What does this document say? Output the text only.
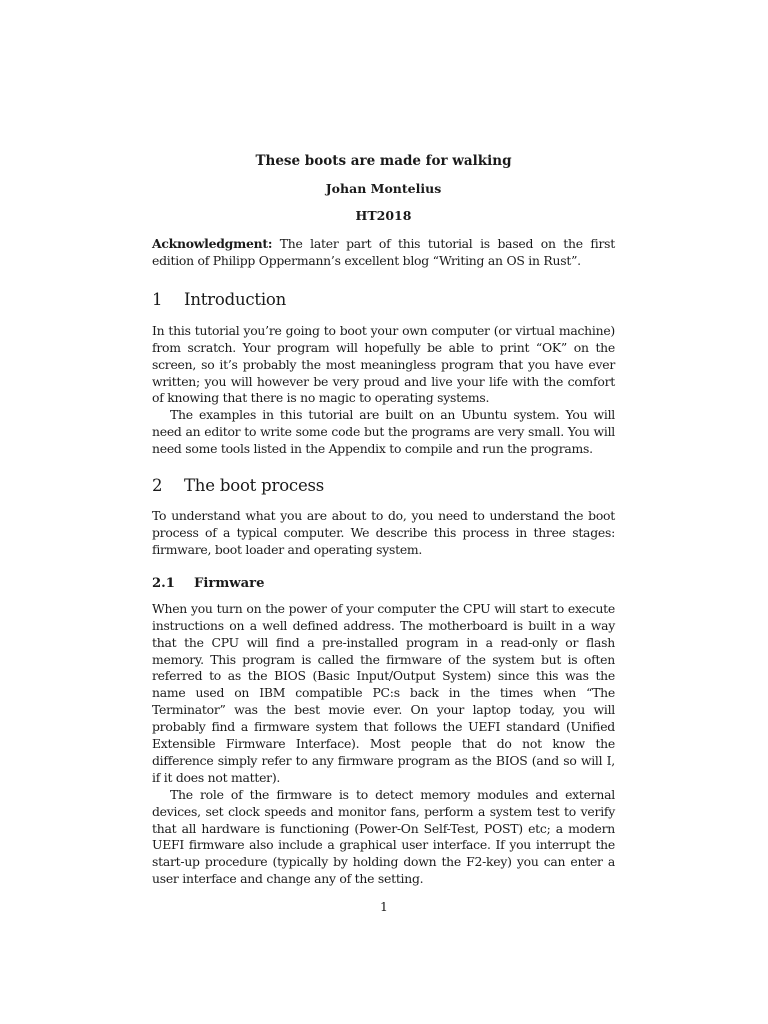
These boots are made for walking
Johan Montelius
HT2018

Acknowledgment: The later part of this tutorial is based on the first edition of Philipp Oppermann’s excellent blog “Writing an OS in Rust”.

1 Introduction

In this tutorial you’re going to boot your own computer (or virtual machine) from scratch. Your program will hopefully be able to print “OK” on the screen, so it’s probably the most meaningless program that you have ever written; you will however be very proud and live your life with the comfort of knowing that there is no magic to operating systems.

The examples in this tutorial are built on an Ubuntu system. You will need an editor to write some code but the programs are very small. You will need some tools listed in the Appendix to compile and run the programs.

2 The boot process

To understand what you are about to do, you need to understand the boot process of a typical computer. We describe this process in three stages: firmware, boot loader and operating system.

2.1 Firmware

When you turn on the power of your computer the CPU will start to execute instructions on a well defined address. The motherboard is built in a way that the CPU will find a pre-installed program in a read-only or flash memory. This program is called the firmware of the system but is often referred to as the BIOS (Basic Input/Output System) since this was the name used on IBM compatible PC:s back in the times when “The Terminator” was the best movie ever. On your laptop today, you will probably find a firmware system that follows the UEFI standard (Unified Extensible Firmware Interface). Most people that do not know the difference simply refer to any firmware program as the BIOS (and so will I, if it does not matter).

The role of the firmware is to detect memory modules and external devices, set clock speeds and monitor fans, perform a system test to verify that all hardware is functioning (Power-On Self-Test, POST) etc; a modern UEFI firmware also include a graphical user interface. If you interrupt the start-up procedure (typically by holding down the F2-key) you can enter a user interface and change any of the setting.

1
